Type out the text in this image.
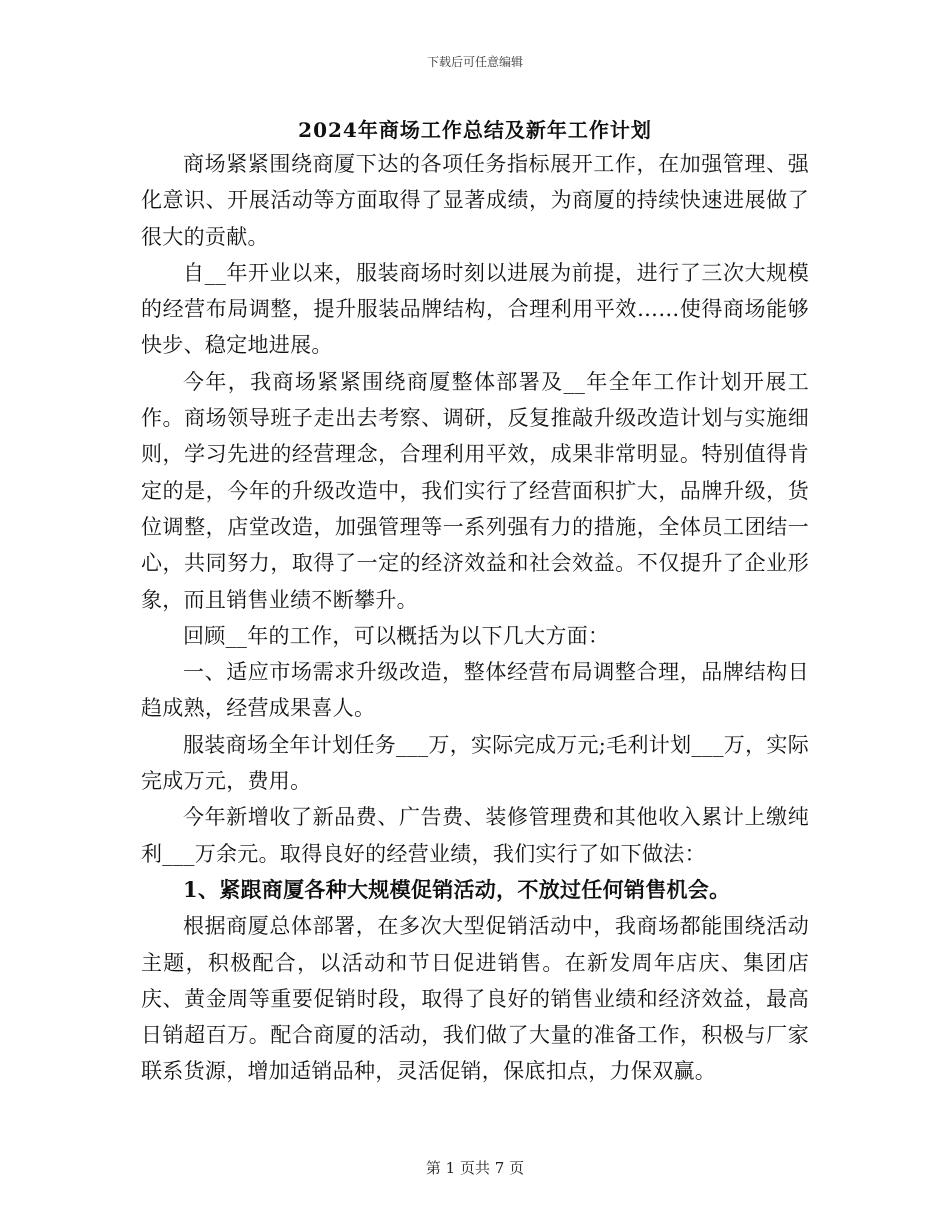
下载后可任意编辑
2024年商场工作总结及新年工作计划

商场紧紧围绕商厦下达的各项任务指标展开工作，在加强管理、强化意识、开展活动等方面取得了显著成绩，为商厦的持续快速进展做了很大的贡献。

自__年开业以来，服装商场时刻以进展为前提，进行了三次大规模的经营布局调整，提升服装品牌结构，合理利用平效……使得商场能够快步、稳定地进展。

今年，我商场紧紧围绕商厦整体部署及__年全年工作计划开展工作。商场领导班子走出去考察、调研，反复推敲升级改造计划与实施细则，学习先进的经营理念，合理利用平效，成果非常明显。特别值得肯定的是，今年的升级改造中，我们实行了经营面积扩大，品牌升级，货位调整，店堂改造，加强管理等一系列强有力的措施，全体员工团结一心，共同努力，取得了一定的经济效益和社会效益。不仅提升了企业形象，而且销售业绩不断攀升。

回顾__年的工作，可以概括为以下几大方面：

一、适应市场需求升级改造，整体经营布局调整合理，品牌结构日趋成熟，经营成果喜人。

服装商场全年计划任务___万，实际完成万元;毛利计划___万，实际完成万元，费用。

今年新增收了新品费、广告费、装修管理费和其他收入累计上缴纯利___万余元。取得良好的经营业绩，我们实行了如下做法：

1、紧跟商厦各种大规模促销活动，不放过任何销售机会。

根据商厦总体部署，在多次大型促销活动中，我商场都能围绕活动主题，积极配合，以活动和节日促进销售。在新发周年店庆、集团店庆、黄金周等重要促销时段，取得了良好的销售业绩和经济效益，最高日销超百万。配合商厦的活动，我们做了大量的准备工作，积极与厂家联系货源，增加适销品种，灵活促销，保底扣点，力保双赢。

第 1 页共 7 页
